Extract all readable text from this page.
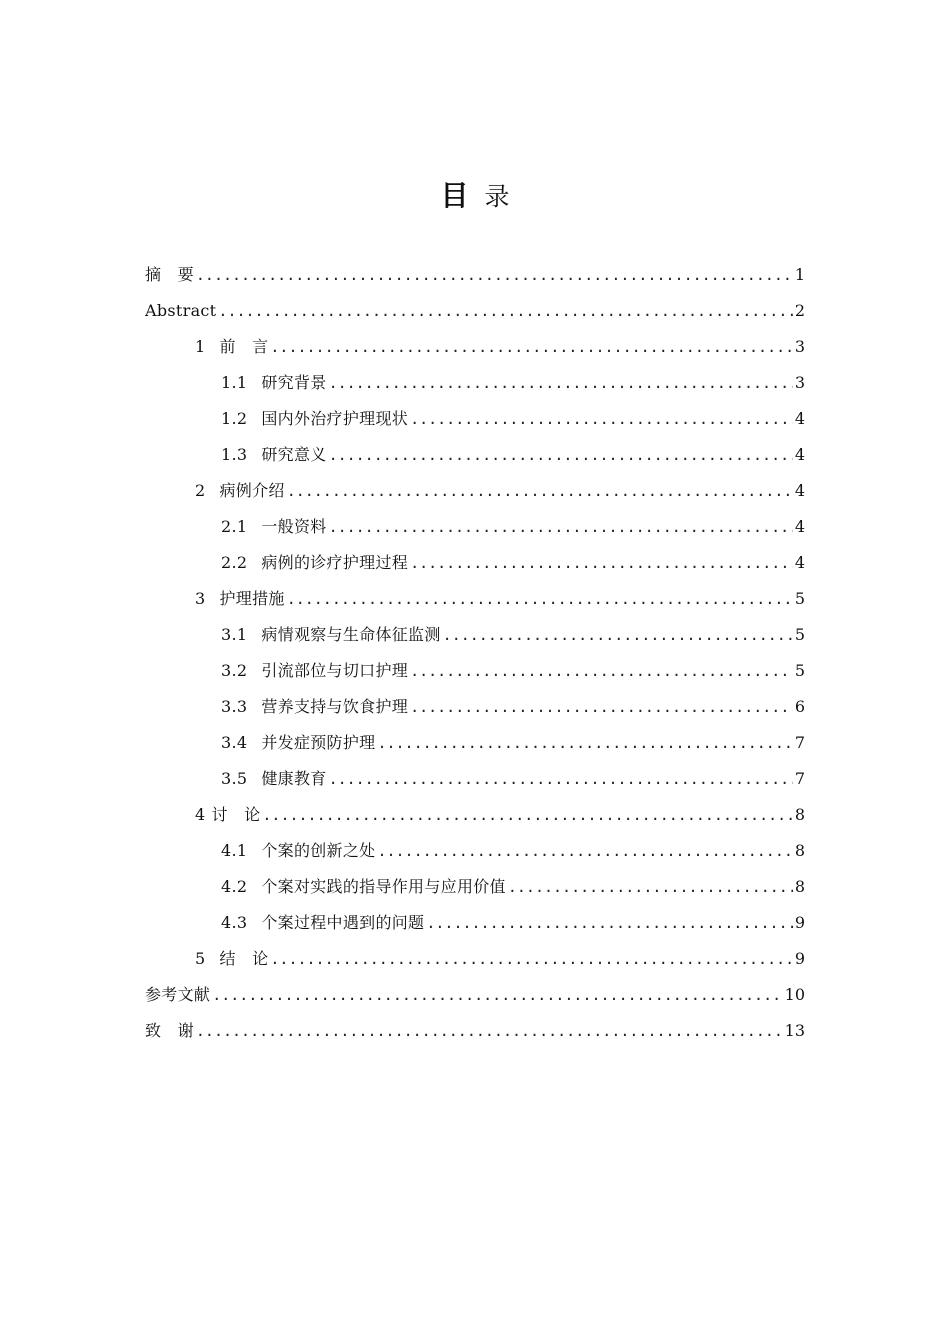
目 录
摘　要 .....	1
Abstract .....	2
1 前　言 .....	3
1.1 研究背景 .....	3
1.2 国内外治疗护理现状 .....	4
1.3 研究意义 .....	4
2 病例介绍 .....	4
2.1 一般资料 .....	4
2.2 病例的诊疗护理过程 .....	4
3 护理措施 .....	5
3.1 病情观察与生命体征监测 .....	5
3.2 引流部位与切口护理 .....	5
3.3 营养支持与饮食护理 .....	6
3.4 并发症预防护理 .....	7
3.5 健康教育 .....	7
4 讨　论 .....	8
4.1 个案的创新之处 .....	8
4.2 个案对实践的指导作用与应用价值 .....	8
4.3 个案过程中遇到的问题 .....	9
5 结　论 .....	9
参考文献 .....	10
致　谢 .....	13
